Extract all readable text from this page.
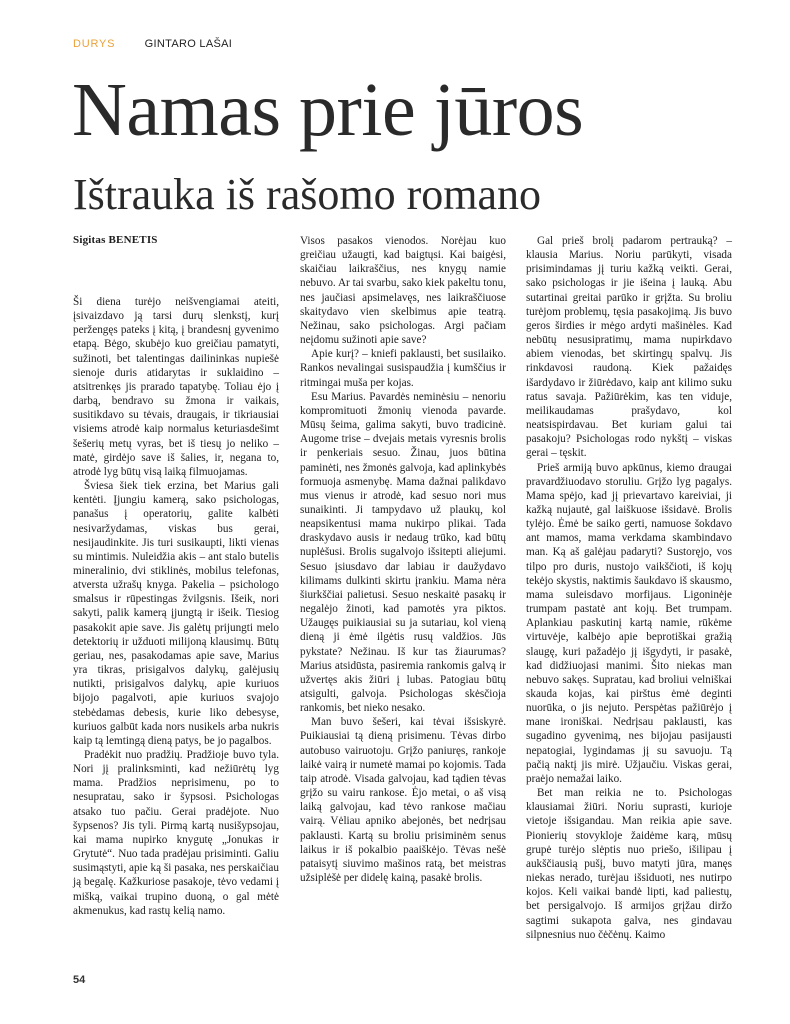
DURYS	GINTARO LAŠAI
Namas prie jūros
Ištrauka iš rašomo romano
Sigitas BENETIS

Ši diena turėjo neišvengiamai ateiti, įsivaizdavo ją tarsi durų slenkstį, kurį peržengęs pateks į kitą, į brandesnį gyvenimo etapą. Bėgo, skubėjo kuo greičiau pamatyti, sužinoti, bet talentingas dailininkas nupiešė sienoje duris atidarytas ir suklaidino – atsitrenkęs jis prarado tapatybę. Toliau ėjo į darbą, bendravo su žmona ir vaikais, susitikdavo su tėvais, draugais, ir tikriausiai visiems atrodė kaip normalus keturiasdešimt šešerių metų vyras, bet iš tiesų jo neliko – matė, girdėjo save iš šalies, ir, negana to, atrodė lyg būtų visą laiką filmuojamas.

Šviesa šiek tiek erzina, bet Marius gali kentėti. Įjungiu kamerą, sako psichologas, panašus į operatorių, galite kalbėti nesivaržydamas, viskas bus gerai, nesijaudinkite. Jis turi susikaupti, likti vienas su mintimis. Nuleidžia akis – ant stalo butelis mineralinio, dvi stiklinės, mobilus telefonas, atversta užrašų knyga. Pakelia – psichologo smalsus ir rūpestingas žvilgsnis. Išeik, nori sakyti, palik kamerą įjungtą ir išeik. Tiesiog pasakokit apie save. Jis galėtų prijungti melo detektorių ir užduoti milijoną klausimų. Būtų geriau, nes, pasakodamas apie save, Marius yra tikras, prisigalvos dalykų, galėjusių nutikti, prisigalvos dalykų, apie kuriuos bijojo pagalvoti, apie kuriuos svajojo stebėdamas debesis, kurie liko debesyse, kuriuos galbūt kada nors nusikels arba nukris kaip tą lemtingą dieną patys, be jo pagalbos.

Pradėkit nuo pradžių. Pradžioje buvo tyla. Nori jį pralinksminti, kad nežiūrėtų lyg mama. Pradžios neprisimenu, po to nesupratau, sako ir šypsosi. Psichologas atsako tuo pačiu. Gerai pradėjote. Nuo šypsenos? Jis tyli. Pirmą kartą nusišypsojau, kai mama nupirko knygutę „Jonukas ir Grytutė“. Nuo tada pradėjau prisiminti. Galiu susimąstyti, apie ką ši pasaka, nes perskaičiau ją begalę. Kažkuriose pasakoje, tėvo vedami į mišką, vaikai trupino duoną, o gal mėtė akmenukus, kad rastų kelią namo.

Visos pasakos vienodos. Norėjau kuo greičiau užaugti, kad baigtųsi. Kai baigėsi, skaičiau laikraščius, nes knygų namie nebuvo. Ar tai svarbu, sako kiek pakeltu tonu, nes jaučiasi apsimelavęs, nes laikraščiuose skaitydavo vien skelbimus apie teatrą. Nežinau, sako psichologas. Argi pačiam neįdomu sužinoti apie save?

Apie kurį? – kniefi paklausti, bet susilaiko. Rankos nevalingai susispaudžia į kumščius ir ritmingai muša per kojas.

Esu Marius. Pavardės neminėsiu – nenoriu kompromituoti žmonių vienoda pavarde. Mūsų šeima, galima sakyti, buvo tradicinė. Augome trise – dvejais metais vyresnis brolis ir penkeriais sesuo. Žinau, juos būtina paminėti, nes žmonės galvoja, kad aplinkybės formuoja asmenybę. Mama dažnai palikdavo mus vienus ir atrodė, kad sesuo nori mus sunaikinti. Ji tampydavo už plaukų, kol neapsikentusi mama nukirpo plikai. Tada draskydavo ausis ir nedaug trūko, kad būtų nuplėšusi. Brolis sugalvojo išsitepti aliejumi. Sesuo įsiusdavo dar labiau ir daužydavo kilimams dulkinti skirtu įrankiu. Mama nėra šiurkščiai palietusi. Sesuo neskaitė pasakų ir negalėjo žinoti, kad pamotės yra piktos. Užaugęs puikiausiai su ja sutariau, kol vieną dieną ji ėmė ilgėtis rusų valdžios. Jūs pykstate? Nežinau. Iš kur tas žiaurumas? Marius atsidūsta, pasiremia rankomis galvą ir užvertęs akis žiūri į lubas. Patogiau būtų atsigulti, galvoja. Psichologas skėsčioja rankomis, bet nieko nesako.

Man buvo šešeri, kai tėvai išsiskyrė. Puikiausiai tą dieną prisimenu. Tėvas dirbo autobuso vairuotoju. Grįžo paniuręs, rankoje laikė vairą ir numetė mamai po kojomis. Tada taip atrodė. Visada galvojau, kad tądien tėvas grįžo su vairu rankose. Ėjo metai, o aš visą laiką galvojau, kad tėvo rankose mačiau vairą. Vėliau apniko abejonės, bet nedrįsau paklausti. Kartą su broliu prisiminėm senus laikus ir iš pokalbio paaiškėjo. Tėvas nešė pataisytį siuvimo mašinos ratą, bet meistras užsiplėšė per didelę kainą, pasakė brolis.

Gal prieš brolį padarom pertrauką? – klausia Marius. Noriu parūkyti, visada prisimindamas jį turiu kažką veikti. Gerai, sako psichologas ir jie išeina į lauką. Abu sutartinai greitai parūko ir grįžta. Su broliu turėjom problemų, tęsia pasakojimą. Jis buvo geros širdies ir mėgo ardyti mašinėles. Kad nebūtų nesusipratimų, mama nupirkdavo abiem vienodas, bet skirtingų spalvų. Jis rinkdavosi raudoną. Kiek pažaidęs išardydavo ir žiūrėdavo, kaip ant kilimo suku ratus savaja. Pažiūrėkim, kas ten viduje, meilikaudamas prašydavo, kol neatsispirdavau. Bet kuriam galui tai pasakoju? Psichologas rodo nykštį – viskas gerai – tęskit.

Prieš armiją buvo apkūnus, kiemo draugai pravardžiuodavo storuliu. Grįžo lyg pagalys. Mama spėjo, kad jį prievartavo kareiviai, ji kažką nujautė, gal laiškuose išsidavė. Brolis tylėjo. Ėmė be saiko gerti, namuose šokdavo ant mamos, mama verkdama skambindavo man. Ką aš galėjau padaryti? Sustoręjo, vos tilpo pro duris, nustojo vaikščioti, iš kojų tekėjo skystis, naktimis šaukdavo iš skausmo, mama suleisdavo morfijaus. Ligoninėje trumpam pastatė ant kojų. Bet trumpam. Aplankiau paskutinį kartą namie, rūkėme virtuvėje, kalbėjo apie beprotiškai gražią slaugę, kuri pažadėjo jį išgydyti, ir pasakė, kad didžiuojasi manimi. Šito niekas man nebuvo sakęs. Supratau, kad broliui velniškai skauda kojas, kai pirštus ėmė deginti nuorūka, o jis nejuto. Perspėtas pažiūrėjo į mane ironiškai. Nedrįsau paklausti, kas sugadino gyvenimą, nes bijojau pasijausti nepatogiai, lygindamas jį su savuoju. Tą pačią naktį jis mirė. Užjaučiu. Viskas gerai, praėjo nemažai laiko.

Bet man reikia ne to. Psichologas klausiamai žiūri. Noriu suprasti, kurioje vietoje išsigandau. Man reikia apie save. Pionierių stovykloje žaidėme karą, mūsų grupė turėjo slėptis nuo priešo, išilipau į aukščiausią pušį, buvo matyti jūra, manęs niekas nerado, turėjau išsiduoti, nes nutirpo kojos. Keli vaikai bandė lipti, kad paliestų, bet persigalvojo. Iš armijos grįžau diržo sagtimi sukapota galva, nes gindavau silpnesnius nuo čėčėnų. Kaimo

54
